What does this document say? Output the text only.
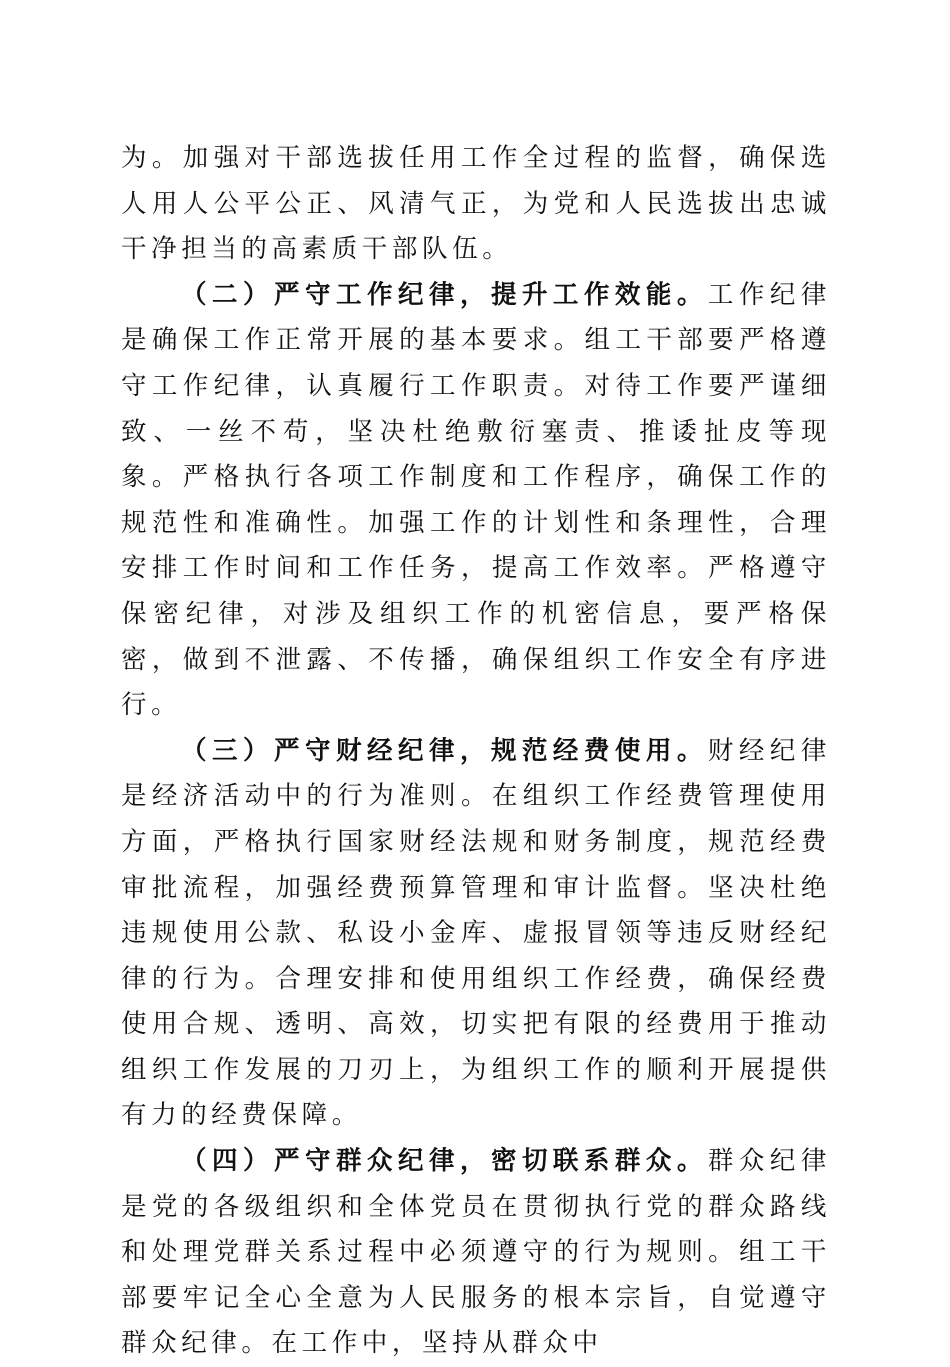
为。加强对干部选拔任用工作全过程的监督，确保选人用人公平公正、风清气正，为党和人民选拔出忠诚干净担当的高素质干部队伍。

（二）严守工作纪律，提升工作效能。工作纪律是确保工作正常开展的基本要求。组工干部要严格遵守工作纪律，认真履行工作职责。对待工作要严谨细致、一丝不苟，坚决杜绝敷衍塞责、推诿扯皮等现象。严格执行各项工作制度和工作程序，确保工作的规范性和准确性。加强工作的计划性和条理性，合理安排工作时间和工作任务，提高工作效率。严格遵守保密纪律，对涉及组织工作的机密信息，要严格保密，做到不泄露、不传播，确保组织工作安全有序进行。

（三）严守财经纪律，规范经费使用。财经纪律是经济活动中的行为准则。在组织工作经费管理使用方面，严格执行国家财经法规和财务制度，规范经费审批流程，加强经费预算管理和审计监督。坚决杜绝违规使用公款、私设小金库、虚报冒领等违反财经纪律的行为。合理安排和使用组织工作经费，确保经费使用合规、透明、高效，切实把有限的经费用于推动组织工作发展的刀刃上，为组织工作的顺利开展提供有力的经费保障。

（四）严守群众纪律，密切联系群众。群众纪律是党的各级组织和全体党员在贯彻执行党的群众路线和处理党群关系过程中必须遵守的行为规则。组工干部要牢记全心全意为人民服务的根本宗旨，自觉遵守群众纪律。在工作中，坚持从群众中
